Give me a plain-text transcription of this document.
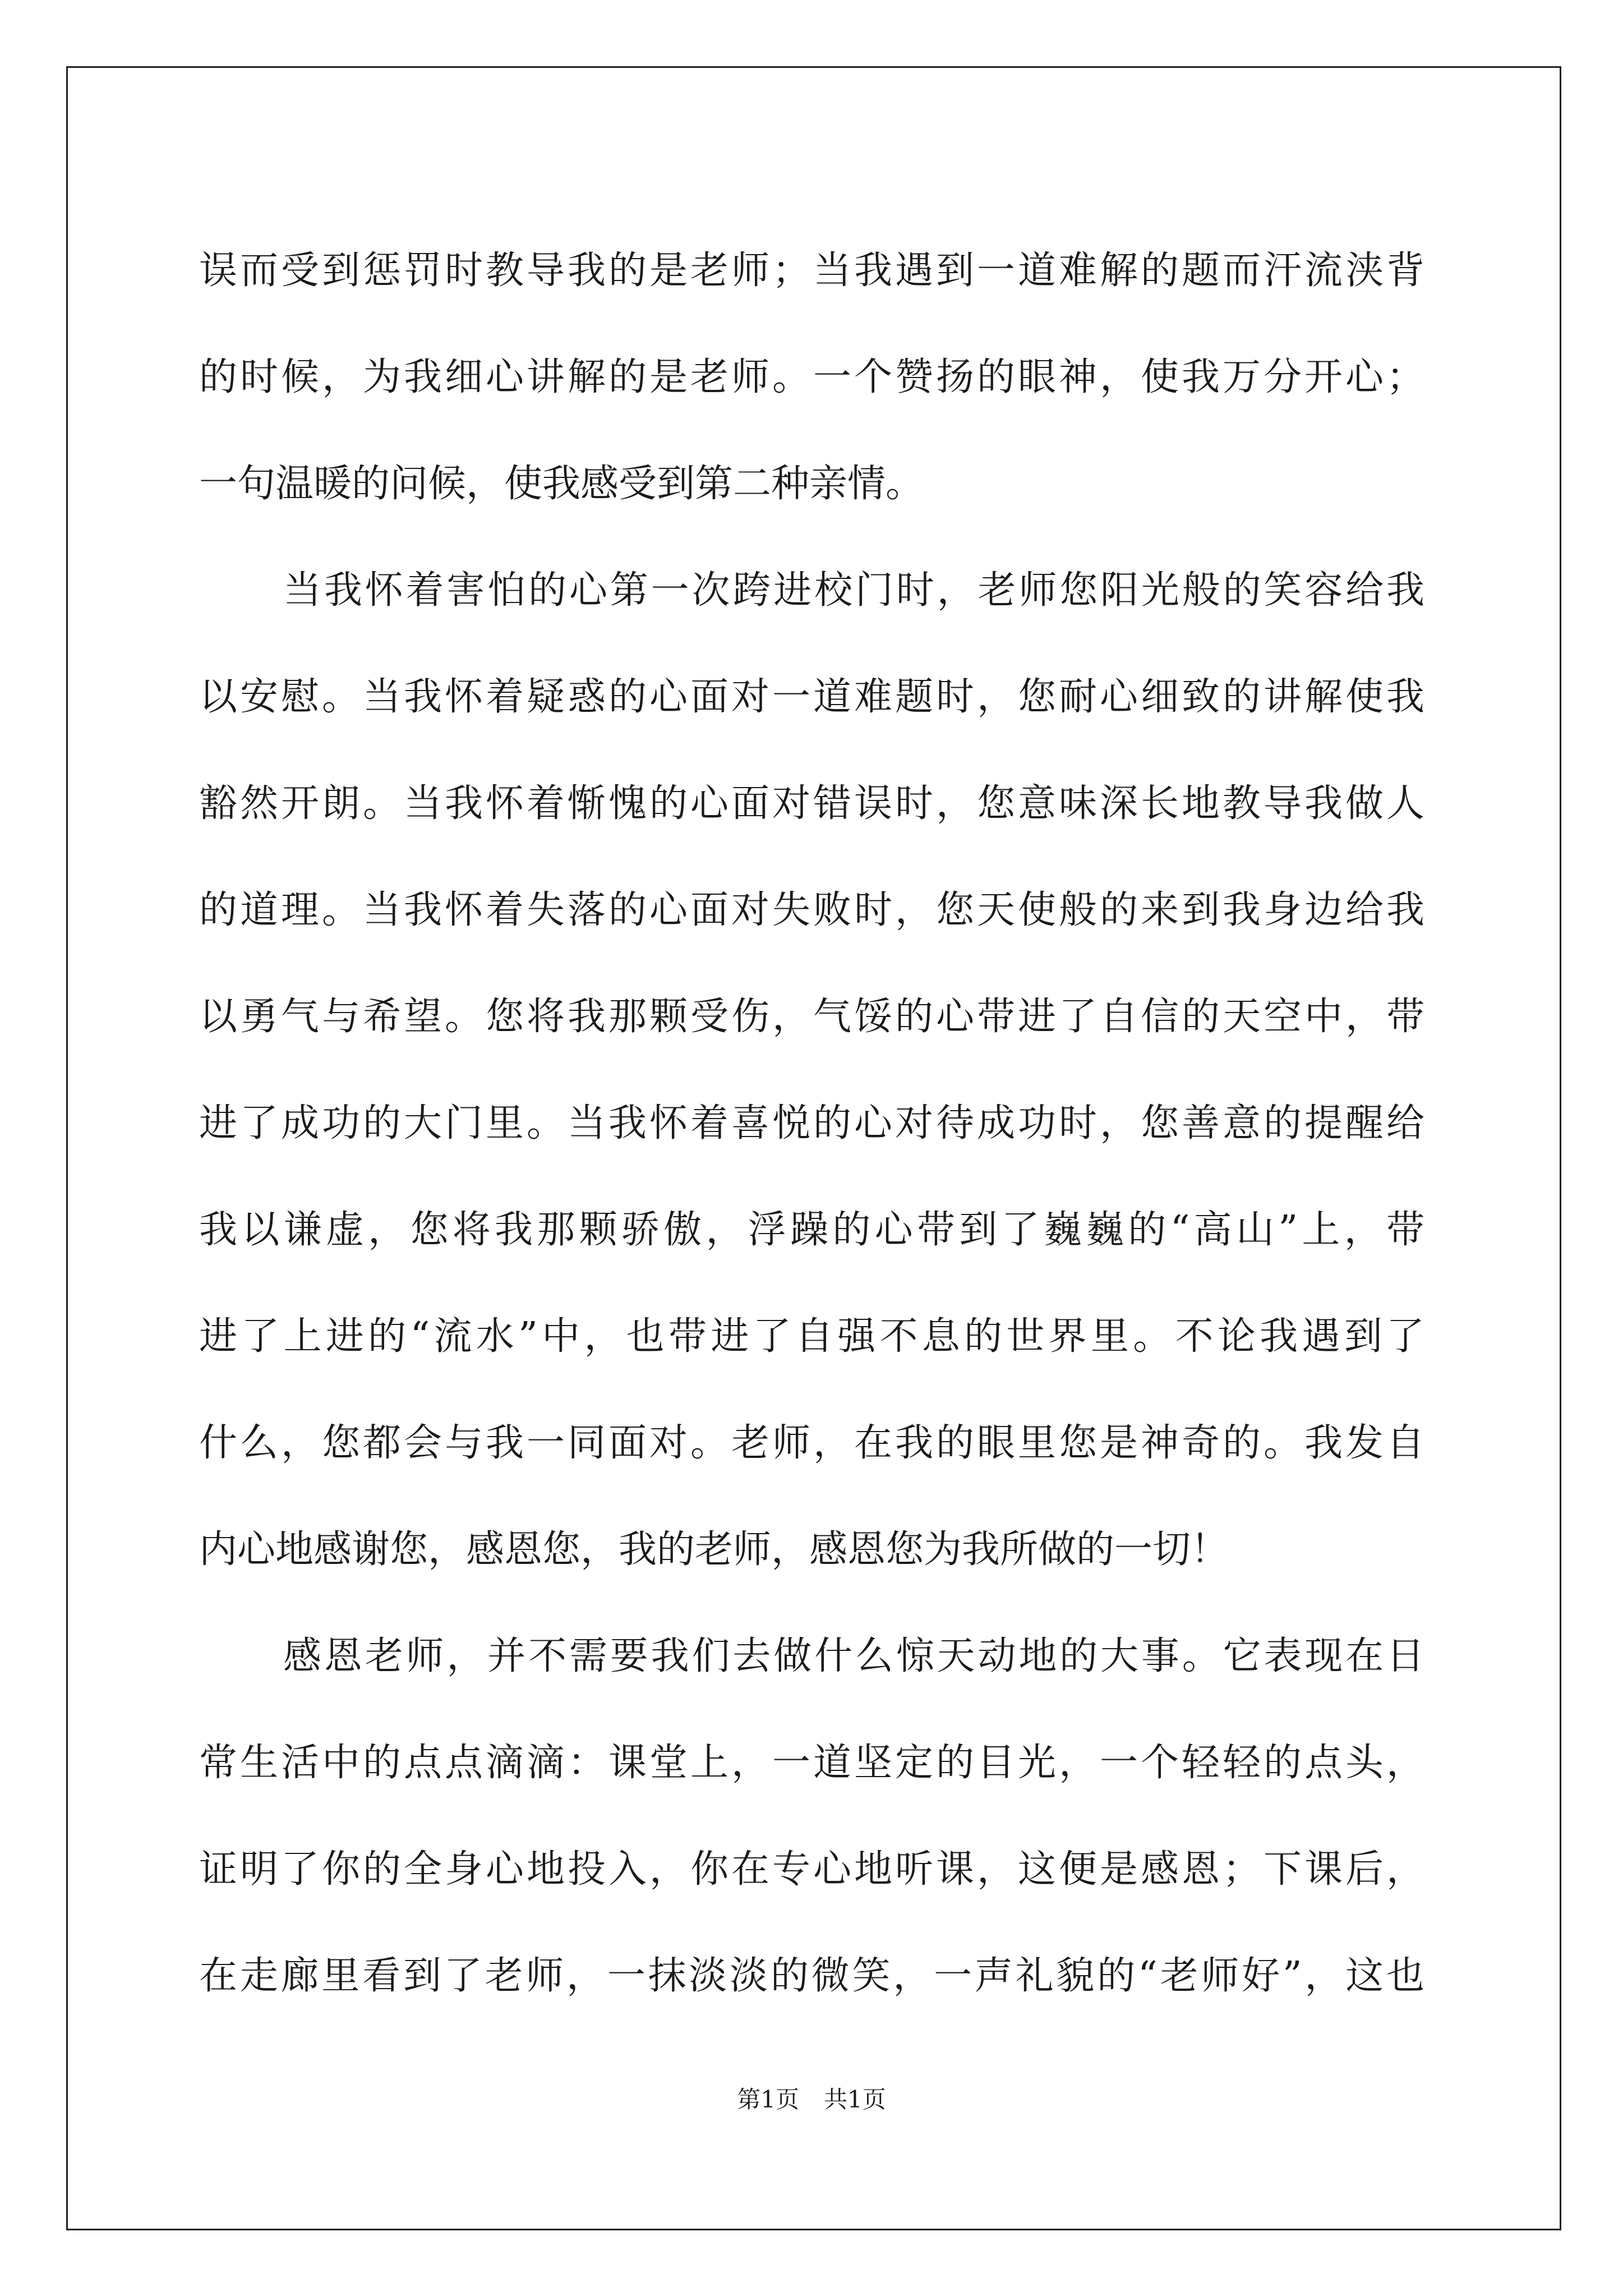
误而受到惩罚时教导我的是老师；当我遇到一道难解的题而汗流浃背
的时候，为我细心讲解的是老师。一个赞扬的眼神，使我万分开心；
一句温暖的问候，使我感受到第二种亲情。
当我怀着害怕的心第一次跨进校门时，老师您阳光般的笑容给我
以安慰。当我怀着疑惑的心面对一道难题时，您耐心细致的讲解使我
豁然开朗。当我怀着惭愧的心面对错误时，您意味深长地教导我做人
的道理。当我怀着失落的心面对失败时，您天使般的来到我身边给我
以勇气与希望。您将我那颗受伤，气馁的心带进了自信的天空中，带
进了成功的大门里。当我怀着喜悦的心对待成功时，您善意的提醒给
我以谦虚，您将我那颗骄傲，浮躁的心带到了巍巍的“高山”上，带
进了上进的“流水”中，也带进了自强不息的世界里。不论我遇到了
什么，您都会与我一同面对。老师，在我的眼里您是神奇的。我发自
内心地感谢您，感恩您，我的老师，感恩您为我所做的一切！
感恩老师，并不需要我们去做什么惊天动地的大事。它表现在日
常生活中的点点滴滴：课堂上，一道坚定的目光，一个轻轻的点头，
证明了你的全身心地投入，你在专心地听课，这便是感恩；下课后，
在走廊里看到了老师，一抹淡淡的微笑，一声礼貌的“老师好”，这也
第1页 共1页
